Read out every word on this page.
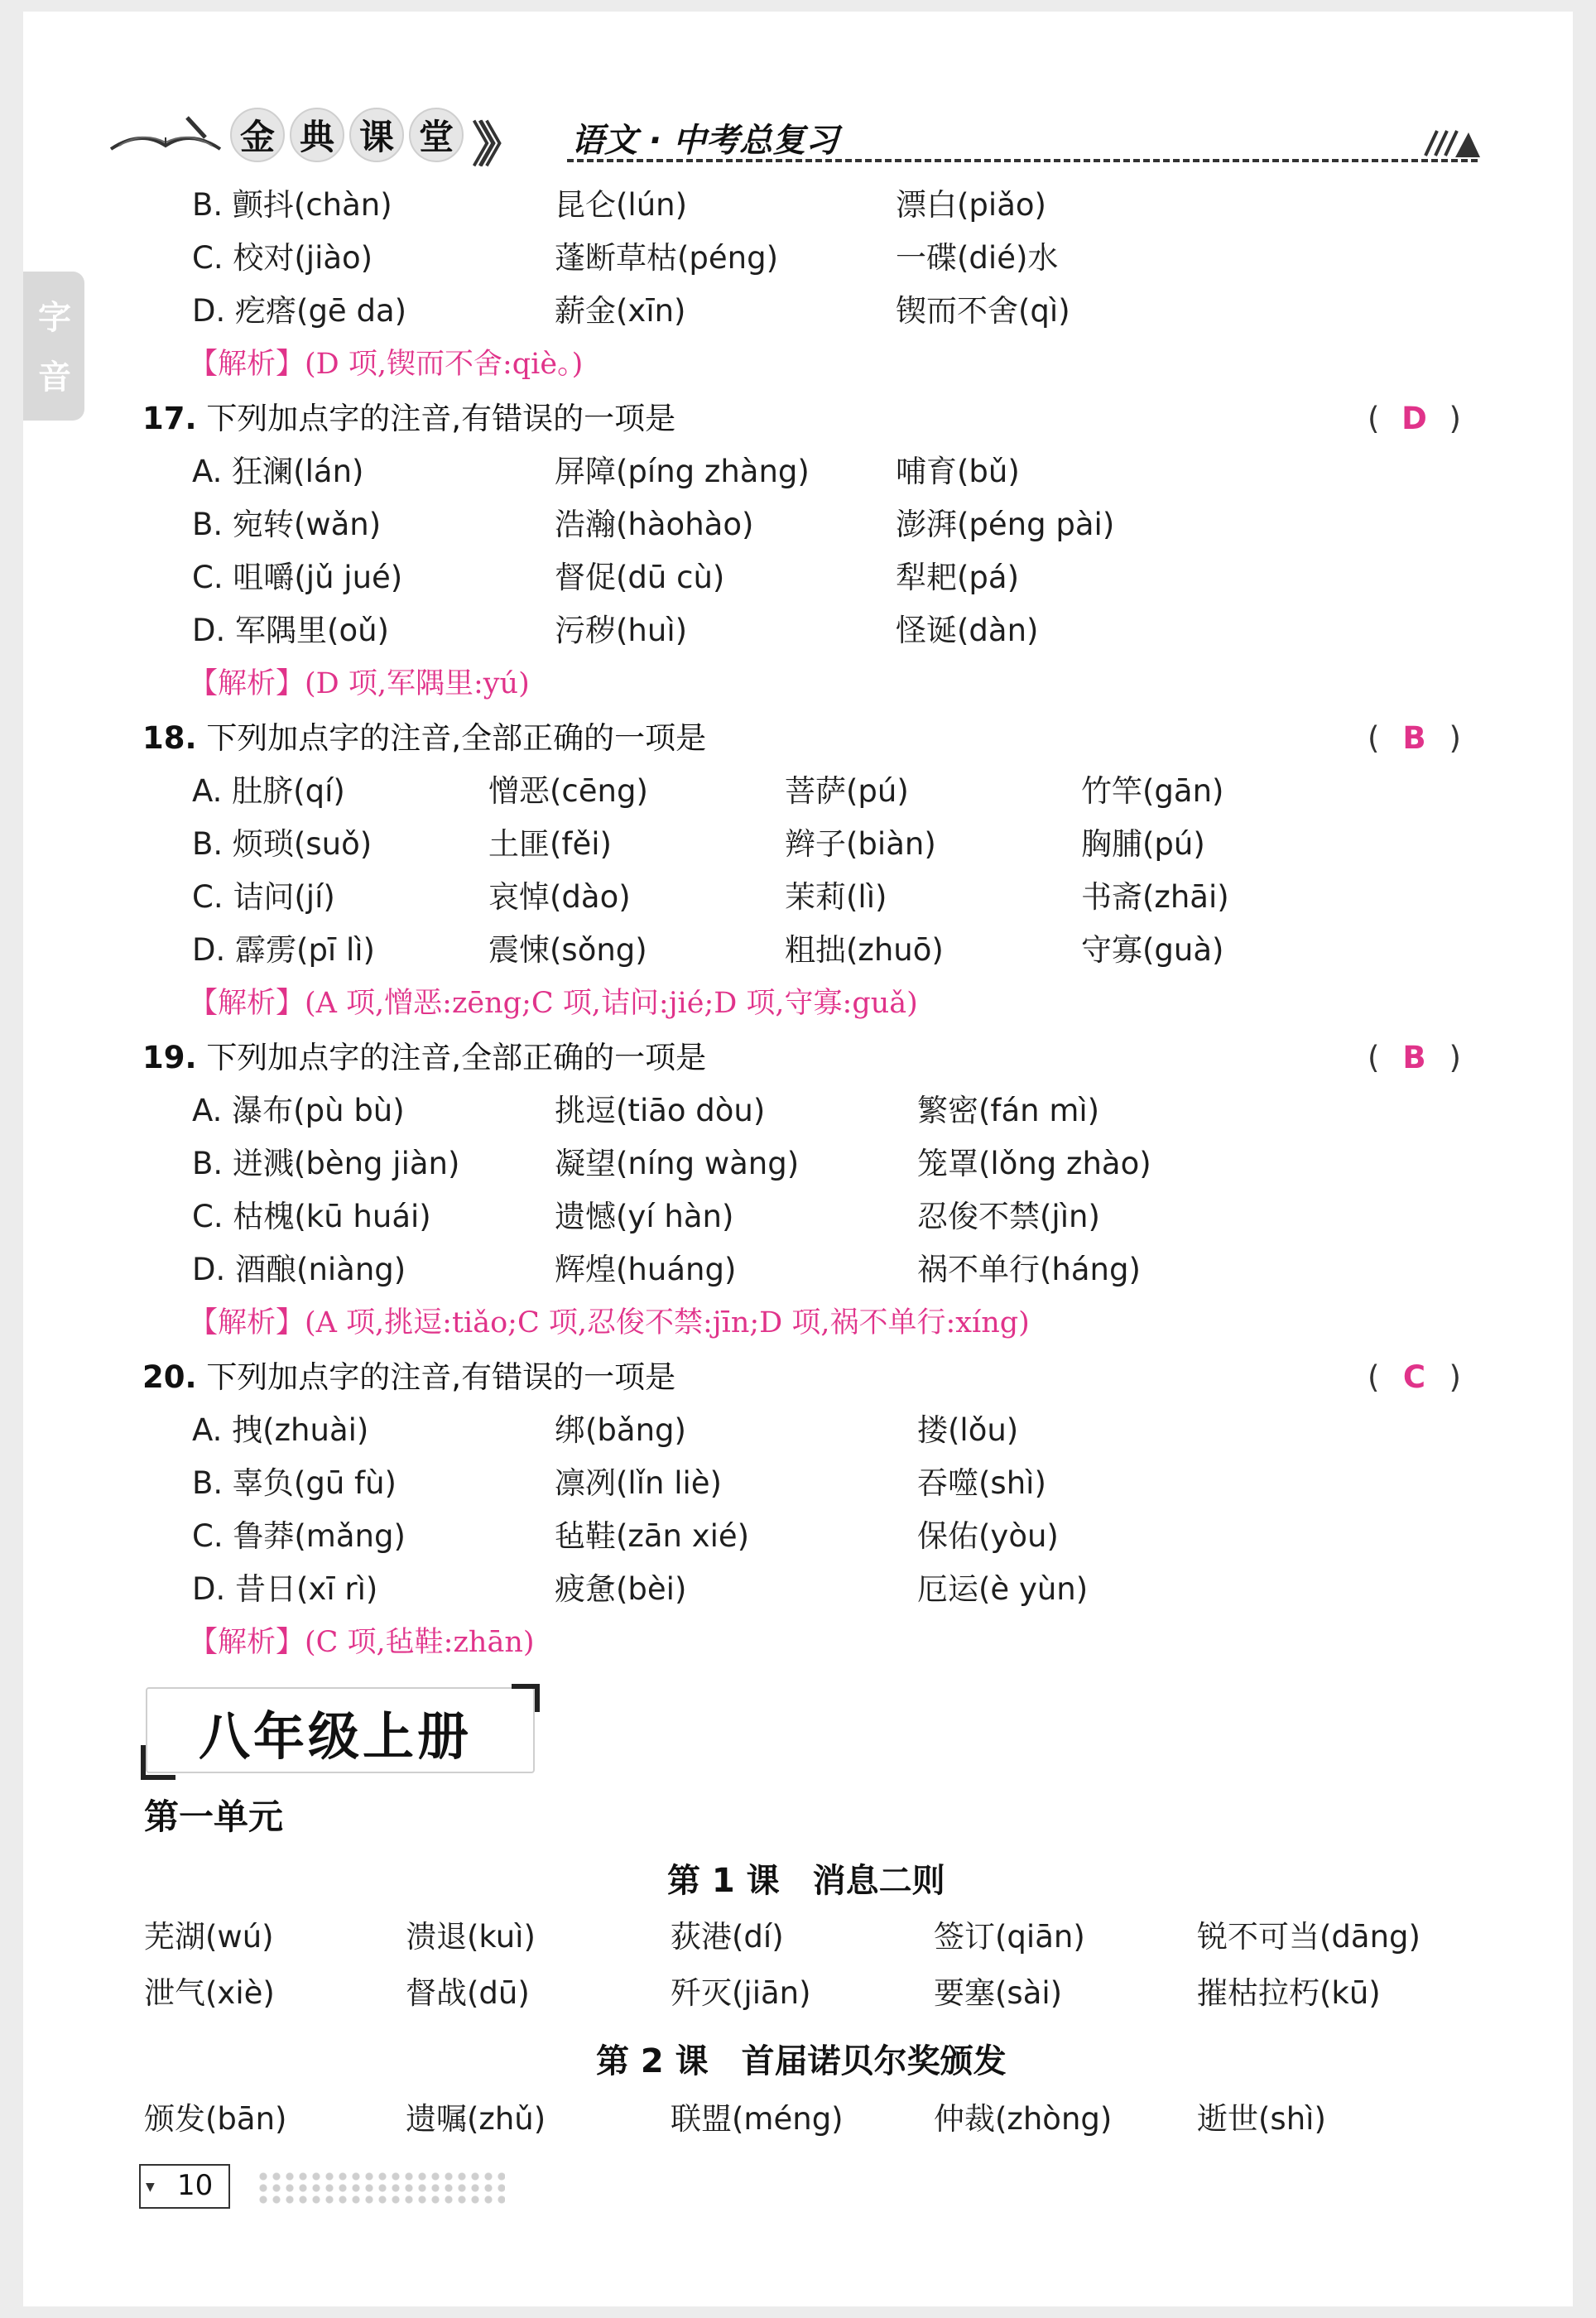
金 典 课 堂 》》 语文 · 中考总复习
字
音
B. 颤抖(chàn)	昆仑(lún)	漂白(piǎo)
C. 校对(jiào)	蓬断草枯(péng)	一碟(dié)水
D. 疙瘩(gē da)	薪金(xīn)	锲而不舍(qì)
【解析】(D 项,锲而不舍:qiè。)
17. 下列加点字的注音,有错误的一项是	( D )
A. 狂澜(lán)	屏障(píng zhàng)	哺育(bǔ)
B. 宛转(wǎn)	浩瀚(hàohào)	澎湃(péng pài)
C. 咀嚼(jǔ jué)	督促(dū cù)	犁耙(pá)
D. 军隅里(oǔ)	污秽(huì)	怪诞(dàn)
【解析】(D 项,军隅里:yú)
18. 下列加点字的注音,全部正确的一项是	( B )
A. 肚脐(qí)	憎恶(cēng)	菩萨(pú)	竹竿(gān)
B. 烦琐(suǒ)	土匪(fěi)	辫子(biàn)	胸脯(pú)
C. 诘问(jí)	哀悼(dào)	茉莉(lì)	书斋(zhāi)
D. 霹雳(pī lì)	震悚(sǒng)	粗拙(zhuō)	守寡(guà)
【解析】(A 项,憎恶:zēng;C 项,诘问:jié;D 项,守寡:guǎ)
19. 下列加点字的注音,全部正确的一项是	( B )
A. 瀑布(pù bù)	挑逗(tiāo dòu)	繁密(fán mì)
B. 迸溅(bèng jiàn)	凝望(níng wàng)	笼罩(lǒng zhào)
C. 枯槐(kū huái)	遗憾(yí hàn)	忍俊不禁(jìn)
D. 酒酿(niàng)	辉煌(huáng)	祸不单行(háng)
【解析】(A 项,挑逗:tiǎo;C 项,忍俊不禁:jīn;D 项,祸不单行:xíng)
20. 下列加点字的注音,有错误的一项是	( C )
A. 拽(zhuài)	绑(bǎng)	搂(lǒu)
B. 辜负(gū fù)	凛冽(lǐn liè)	吞噬(shì)
C. 鲁莽(mǎng)	毡鞋(zān xié)	保佑(yòu)
D. 昔日(xī rì)	疲惫(bèi)	厄运(è yùn)
【解析】(C 项,毡鞋:zhān)
八年级上册
第一单元
第 1 课　消息二则
芜湖(wú)	溃退(kuì)	荻港(dí)	签订(qiān)	锐不可当(dāng)
泄气(xiè)	督战(dū)	歼灭(jiān)	要塞(sài)	摧枯拉朽(kū)
第 2 课　首届诺贝尔奖颁发
颁发(bān)	遗嘱(zhǔ)	联盟(méng)	仲裁(zhòng)	逝世(shì)
▼ 10
